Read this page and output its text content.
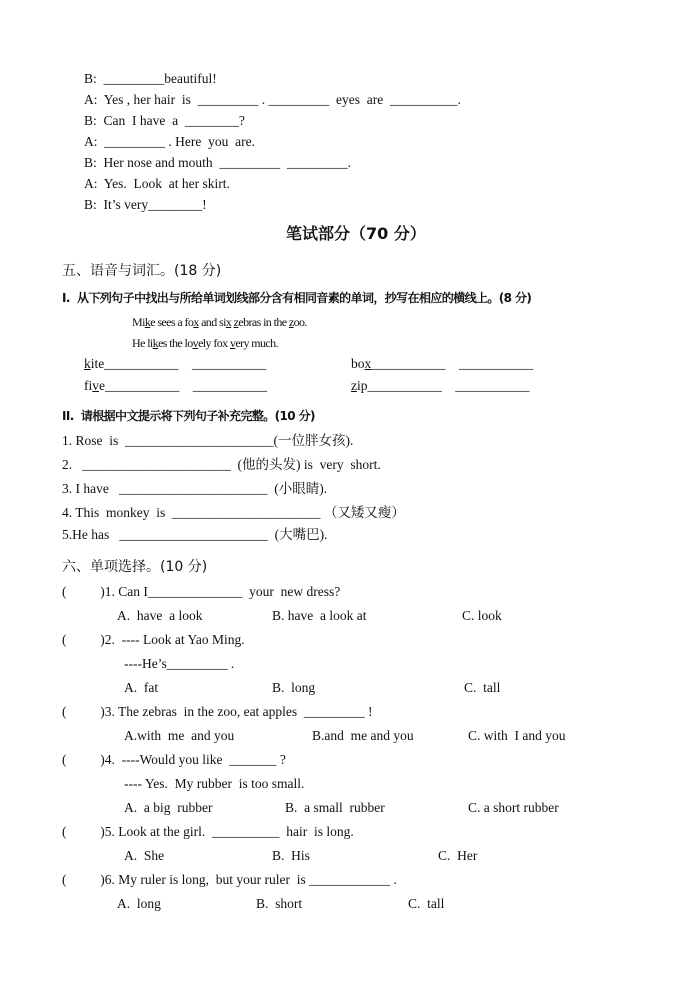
B:  _________beautiful!
A:  Yes , her hair  is  _________ . _________  eyes  are  __________.
B:  Can  I have  a  ________?
A:  _________ . Here  you  are.
B:  Her nose and mouth  _________  _________.
A:  Yes.  Look  at her skirt.
B:  It’s very________!
笔试部分（70 分）
五、语音与词汇。(18 分)
I.  从下列句子中找出与所给单词划线部分含有相同音素的单词，抄写在相应的横线上。(8 分)
Mike sees a fox and six zebras in the zoo.
He likes the lovely fox very much.
kite___________    ___________	box___________    ___________
five___________    ___________	zip___________    ___________
II.  请根据中文提示将下列句子补充完整。(10 分)
1. Rose  is  ______________________(一位胖女孩).
2.   ______________________  (他的头发) is  very  short.
3. I have   ______________________  (小眼睛).
4. This  monkey  is  ______________________ （又矮又瘦）
5.He has   ______________________  (大嘴巴).
六、单项选择。(10 分)
(          )1. Can I______________  your  new dress?
A.  have  a look	B. have  a look at	C. look
(          )2.  ---- Look at Yao Ming.
----He’s_________ .
A.  fat	B.  long	C.  tall
(          )3. The zebras  in the zoo, eat apples  _________ !
A.with  me  and you	B.and  me and you	C. with  I and you
(          )4.  ----Would you like  _______ ?
---- Yes.  My rubber  is too small.
A.  a big  rubber	B.  a small  rubber	C. a short rubber
(          )5. Look at the girl.  __________  hair  is long.
A.  She	B.  His	C.  Her
(          )6. My ruler is long,  but your ruler  is ____________ .
A.  long	B.  short	C.  tall
